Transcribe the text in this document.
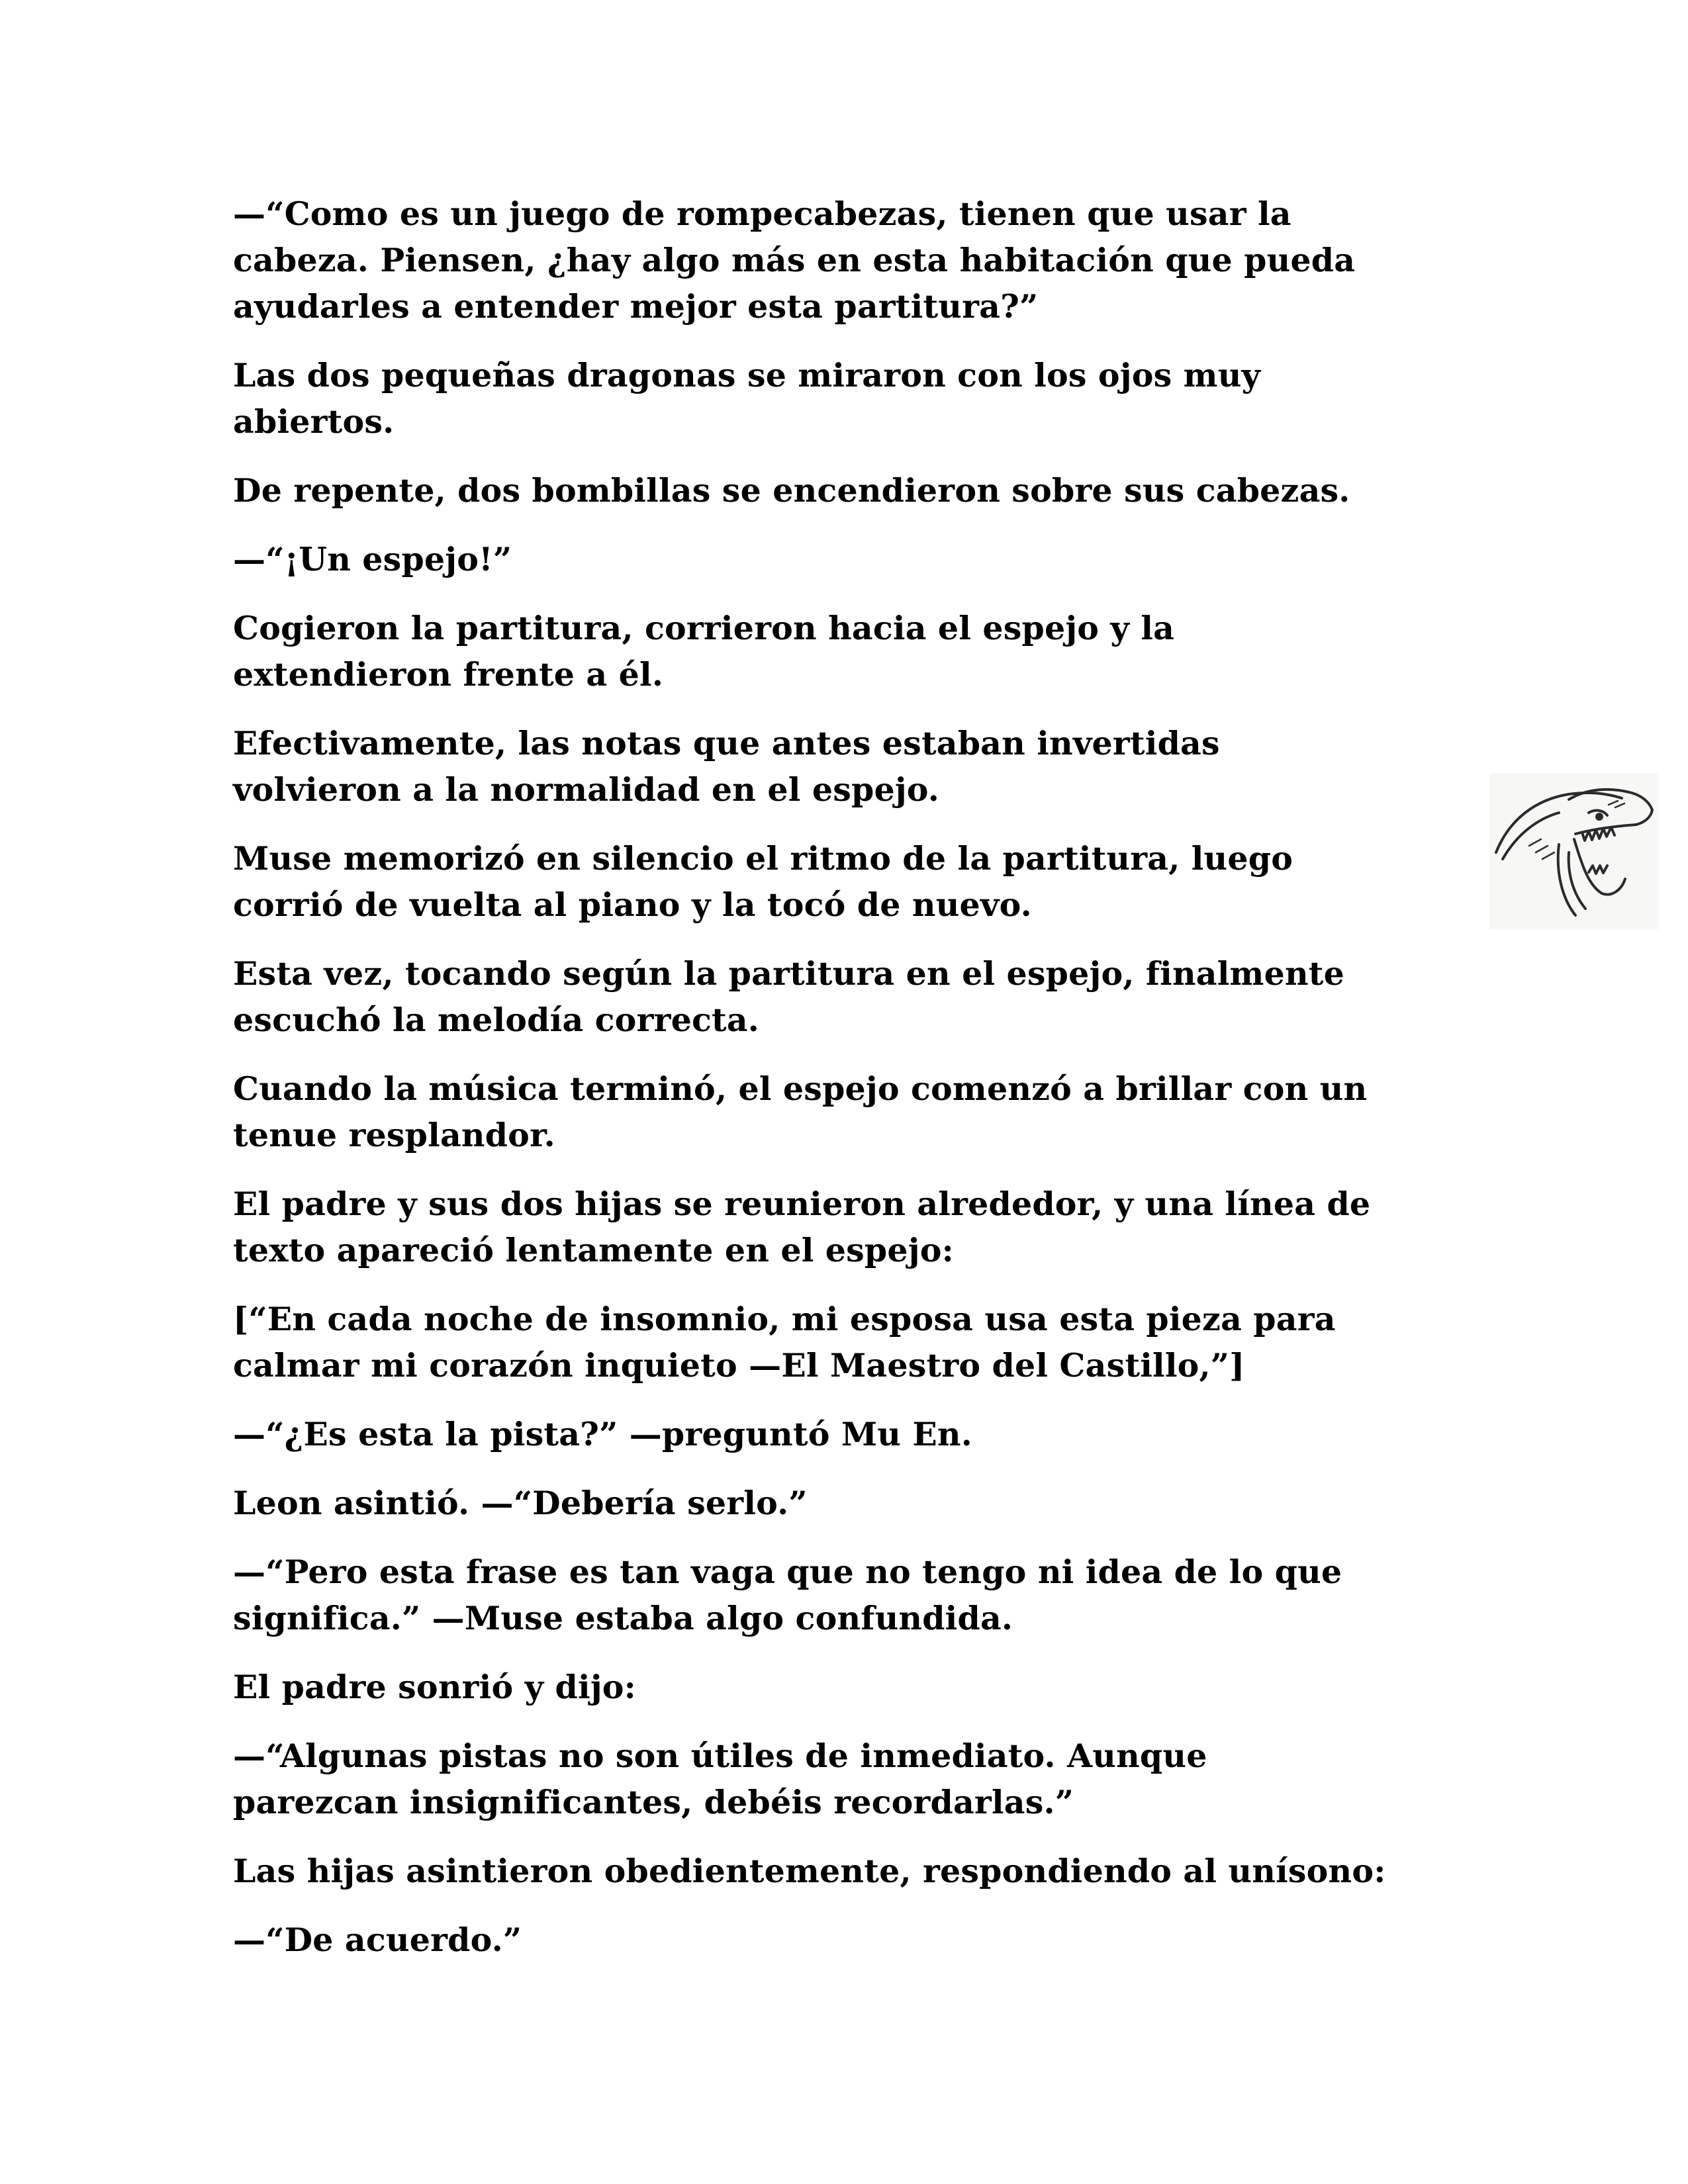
—“Como es un juego de rompecabezas, tienen que usar la
cabeza. Piensen, ¿hay algo más en esta habitación que pueda
ayudarles a entender mejor esta partitura?”

Las dos pequeñas dragonas se miraron con los ojos muy
abiertos.

De repente, dos bombillas se encendieron sobre sus cabezas.

—“¡Un espejo!”

Cogieron la partitura, corrieron hacia el espejo y la
extendieron frente a él.

Efectivamente, las notas que antes estaban invertidas
volvieron a la normalidad en el espejo.

Muse memorizó en silencio el ritmo de la partitura, luego
corrió de vuelta al piano y la tocó de nuevo.

Esta vez, tocando según la partitura en el espejo, finalmente
escuchó la melodía correcta.

Cuando la música terminó, el espejo comenzó a brillar con un
tenue resplandor.

El padre y sus dos hijas se reunieron alrededor, y una línea de
texto apareció lentamente en el espejo:

[“En cada noche de insomnio, mi esposa usa esta pieza para
calmar mi corazón inquieto —El Maestro del Castillo,”]

—“¿Es esta la pista?” —preguntó Mu En.

Leon asintió. —“Debería serlo.”

—“Pero esta frase es tan vaga que no tengo ni idea de lo que
significa.” —Muse estaba algo confundida.

El padre sonrió y dijo:

—“Algunas pistas no son útiles de inmediato. Aunque
parezcan insignificantes, debéis recordarlas.”

Las hijas asintieron obedientemente, respondiendo al unísono:

—“De acuerdo.”
